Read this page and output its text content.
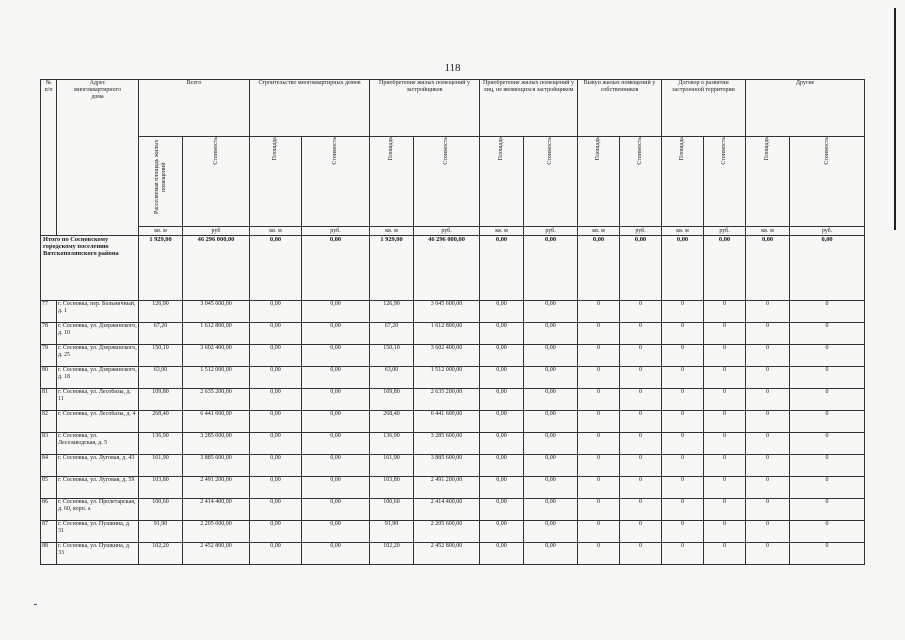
118
№
п/п	Адрес
многоквартирного
дома	Всего		Строительство многоквартирных домов		Приобретение жилых помещений у застройщиков		Приобретение жилых помещений у лиц, не являющихся застройщиком		Выкуп жилых помещений у собственников		Договор о развитии застроенной территории		Другие	
		Расселяемая площадь жилых помещений	Стоимость	Площадь	Стоимость	Площадь	Стоимость	Площадь	Стоимость	Площадь	Стоимость	Площадь	Стоимость	Площадь	Стоимость
		кв. м	руб	кв. м	руб.	кв. м	руб.	кв. м	руб.	кв. м	руб.	кв. м	руб.	кв. м	руб.
Итого по Сосновскому городскому поселению Вятскополянского района		1 929,00	46 296 000,00	0,00	0,00	1 929,00	46 296 000,00	0,00	0,00	0,00	0,00	0,00	0,00	0,00	0,00
77	г. Сосновка, пер. Больничный, д. 1	126,90	3 045 600,00	0,00	0,00	126,90	3 045 600,00	0,00	0,00	0	0	0	0	0	0
78	г. Сосновка, ул. Дзержинского, д. 10	67,20	1 612 800,00	0,00	0,00	67,20	1 612 800,00	0,00	0,00	0	0	0	0	0	0
79	г. Сосновка, ул. Дзержинского, д. 25	150,10	3 602 400,00	0,00	0,00	150,10	3 602 400,00	0,00	0,00	0	0	0	0	0	0
80	г. Сосновка, ул. Дзержинского, д. 18	63,00	1 512 000,00	0,00	0,00	63,00	1 512 000,00	0,00	0,00	0	0	0	0	0	0
81	г. Сосновка, ул. Лесобазы, д. 11	109,80	2 635 200,00	0,00	0,00	109,80	2 635 200,00	0,00	0,00	0	0	0	0	0	0
82	г. Сосновка, ул. Лесобазы, д. 4	268,40	6 441 600,00	0,00	0,00	268,40	6 441 600,00	0,00	0,00	0	0	0	0	0	0
83	г. Сосновка, ул. Лесозаводская, д. 5	136,90	3 285 600,00	0,00	0,00	136,90	3 285 600,00	0,00	0,00	0	0	0	0	0	0
84	г. Сосновка, ул. Луговая, д. 43	161,90	3 885 600,00	0,00	0,00	161,90	3 885 600,00	0,00	0,00	0	0	0	0	0	0
85	г. Сосновка, ул. Луговая, д. 59	103,80	2 491 200,00	0,00	0,00	103,80	2 491 200,00	0,00	0,00	0	0	0	0	0	0
86	г. Сосновка, ул. Пролетарская, д. 60, корп. а	100,60	2 414 400,00	0,00	0,00	100,60	2 414 400,00	0,00	0,00	0	0	0	0	0	0
87	г. Сосновка, ул. Пушкина, д. 31	91,90	2 205 600,00	0,00	0,00	91,90	2 205 600,00	0,00	0,00	0	0	0	0	0	0
88	г. Сосновка, ул. Пушкина, д. 33	102,20	2 452 800,00	0,00	0,00	102,20	2 452 800,00	0,00	0,00	0	0	0	0	0	0
